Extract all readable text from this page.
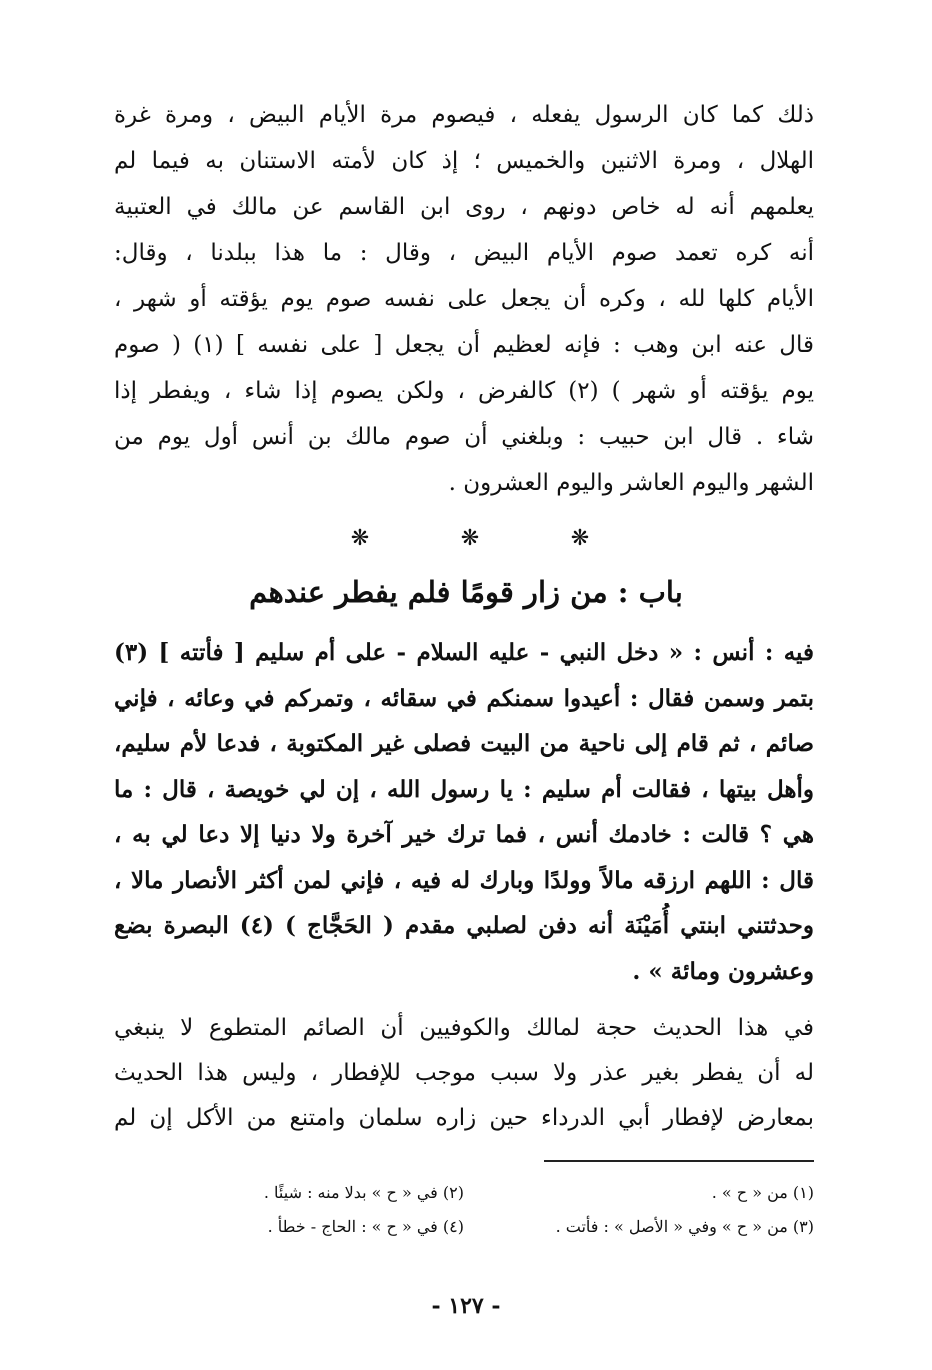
ذلك كما كان الرسول يفعله ، فيصوم مرة الأيام البيض ، ومرة غرة
الهلال ، ومرة الاثنين والخميس ؛ إذ كان لأمته الاستنان به فيما لم
يعلمهم أنه له خاص دونهم ، روى ابن القاسم عن مالك في العتبية
أنه كره تعمد صوم الأيام البيض ، وقال : ما هذا ببلدنا ، وقال:
الأيام كلها لله ، وكره أن يجعل على نفسه صوم يوم يؤقته أو شهر ،
قال عنه ابن وهب : فإنه لعظيم أن يجعل [ على نفسه ] (١) ( صوم
يوم يؤقته أو شهر ) (٢) كالفرض ، ولكن يصوم إذا شاء ، ويفطر إذا
شاء . قال ابن حبيب : وبلغني أن صوم مالك بن أنس أول يوم من
الشهر واليوم العاشر واليوم العشرون .
❋
❋
❋
باب : من زار قومًا فلم يفطر عندهم
فيه : أنس : « دخل النبي - عليه السلام - على أم سليم [ فأتته ] (٣)
بتمر وسمن فقال : أعيدوا سمنكم في سقائه ، وتمركم في وعائه ، فإني
صائم ، ثم قام إلى ناحية من البيت فصلى غير المكتوبة ، فدعا لأم سليم،
وأهل بيتها ، فقالت أم سليم : يا رسول الله ، إن لي خويصة ، قال : ما
هي ؟ قالت : خادمك أنس ، فما ترك خير آخرة ولا دنيا إلا دعا لي به ،
قال : اللهم ارزقه مالاً وولدًا وبارك له فيه ، فإني لمن أكثر الأنصار مالا ،
وحدثتني ابنتي أُمَيْنَة أنه دفن لصلبي مقدم ( الحَجَّاج ) (٤) البصرة بضع
وعشرون ومائة » .
في هذا الحديث حجة لمالك والكوفيين أن الصائم المتطوع لا ينبغي
له أن يفطر بغير عذر ولا سبب موجب للإفطار ، وليس هذا الحديث
بمعارض لإفطار أبي الدرداء حين زاره سلمان وامتنع من الأكل إن لم
(١) من « ح » .
(٢) في « ح » بدلا منه : شيئًا .
(٣) من « ح » وفي « الأصل » : فأتت .
(٤) في « ح » : الحاج - خطأ .
- ١٢٧ -
